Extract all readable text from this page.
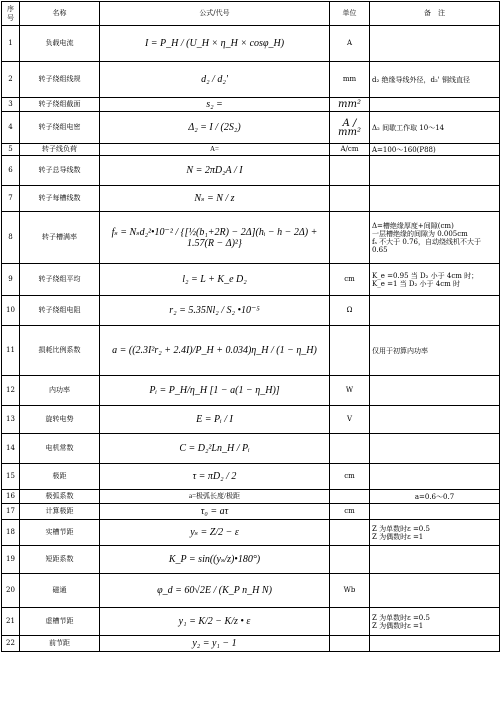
序号	名称	公式/代号	单位	备　注
1	负载电流	I = P_H / (U_H × η_H × cosφ_H)	A	
2	转子绕组线规	d₂ / d₂'	mm	d₂ 绝缘导线外径，d₂' 铜线直径

3	转子绕组截面	s₂ =	mm²	
4	转子绕组电密	Δ₂ = I / (2S₂)	A / mm²	Δ₂ 间歇工作取 10～14

5	转子线负荷	A=	A/cm	A=100～160(P88)

6	转子总导线数	N = 2πD₂A / I		
7	转子每槽线数	Nₛ = N / z		
8	转子槽满率	fₛ = Nₛd₂²•10⁻² / {[½(b₁+2R) − 2Δ](hᵢ − h − 2Δ) + 1.57(R − Δ)²}		Δ=槽绝缘厚度+间隙(cm)
一层槽绝缘的间隙为 0.005cm
fₛ 不大于 0.76，自动绕线机不大于 0.65

9	转子绕组平均	l₂ = L + K_e D₂	cm	K_e =0.95 当 D₂ 小于 4cm 时；
K_e =1 当 D₂ 小于 4cm 时

10	转子绕组电阻	r₂ = 5.35Nl₂ / S₂ •10⁻⁵	Ω	
11	损耗比例系数	a = ((2.3I²r₂ + 2.4I)/P_H + 0.034)η_H / (1 − η_H)		仅用于初算内功率

12	内功率	Pᵢ = P_H/η_H [1 − a(1 − η_H)]	W	
13	旋转电势	E = Pᵢ / I	V	
14	电机常数	C = D₂²Ln_H / Pᵢ		
15	极距	τ = πD₂ / 2	cm	
16	极弧系数	a=极弧长度/极距		a=0.6～0.7

17	计算极距	τ₀ = aτ	cm	
18	实槽节距	yₛ = Z/2 − ε		Z 为单数时ε =0.5
Z 为偶数时ε =1

19	短距系数	K_P = sin((yₛ/z)•180°)		
20	磁通	φ_d = 60√2E / (K_P n_H N)	Wb	
21	虚槽节距	y₁ = K/2 − K/z • ε		Z 为单数时ε =0.5
Z 为偶数时ε =1

22	前节距	y₂ = y₁ − 1		
